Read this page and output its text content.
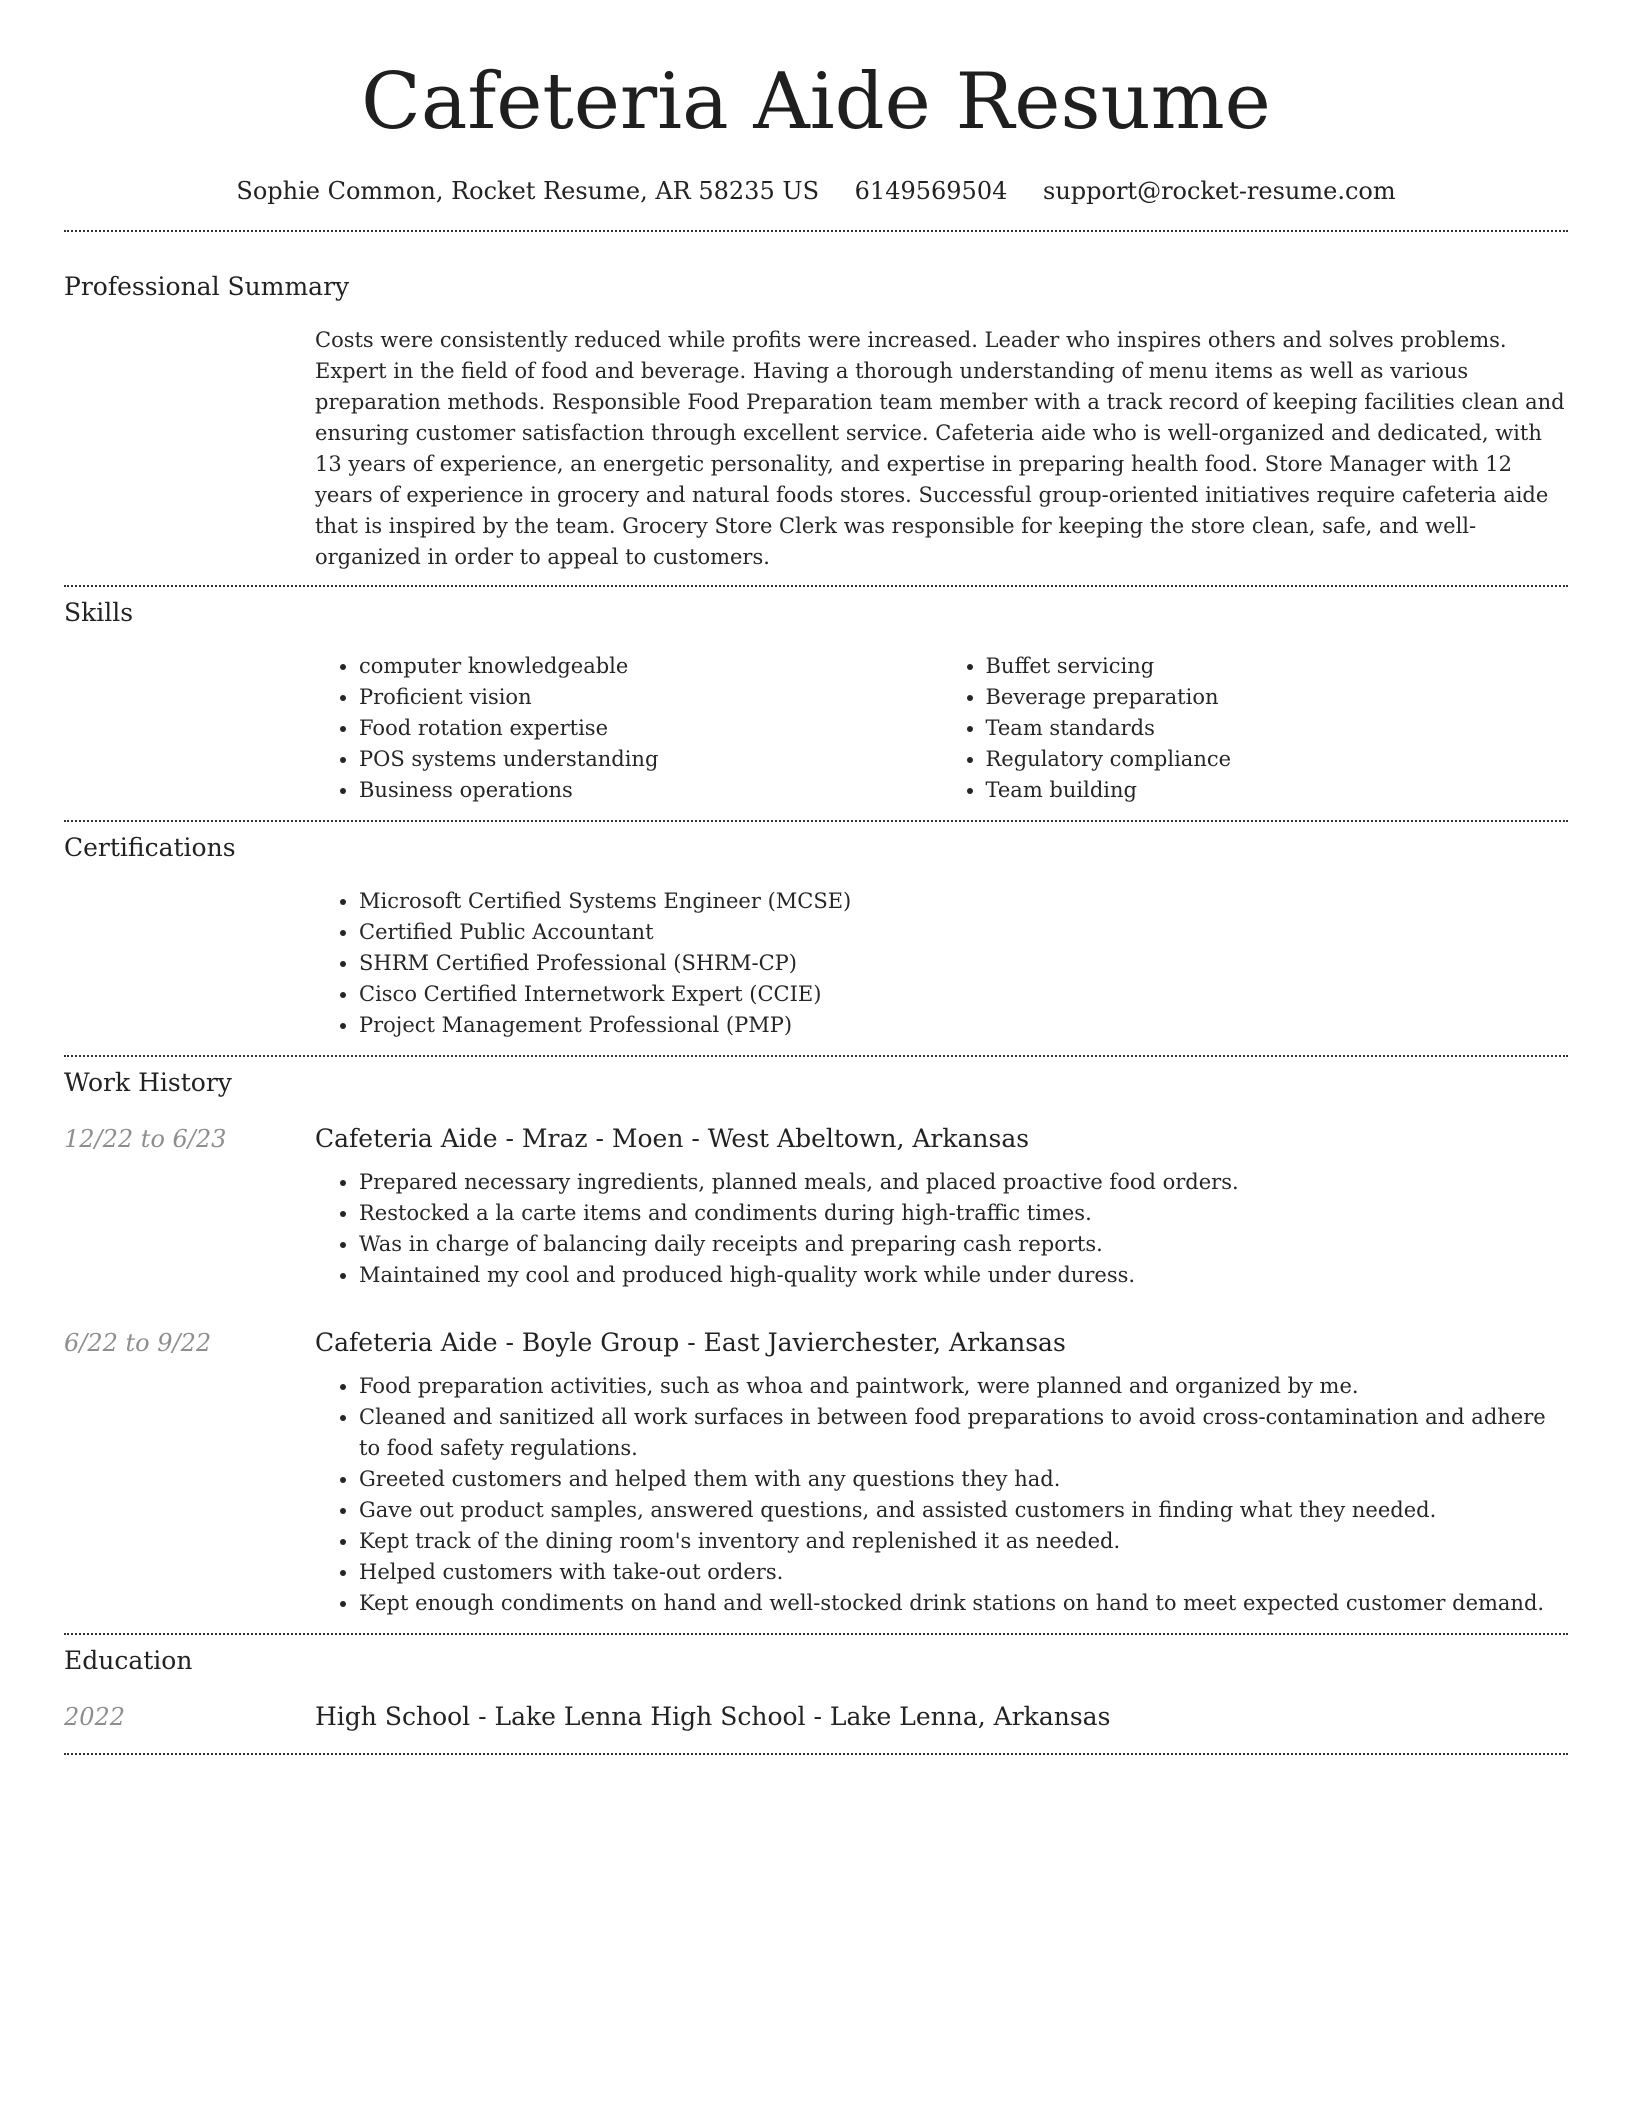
Cafeteria Aide Resume
Sophie Common, Rocket Resume, AR 58235 US 6149569504 support@rocket-resume.com
Professional Summary

Costs were consistently reduced while profits were increased. Leader who inspires others and solves problems. Expert in the field of food and beverage. Having a thorough understanding of menu items as well as various preparation methods. Responsible Food Preparation team member with a track record of keeping facilities clean and ensuring customer satisfaction through excellent service. Cafeteria aide who is well-organized and dedicated, with 13 years of experience, an energetic personality, and expertise in preparing health food. Store Manager with 12 years of experience in grocery and natural foods stores. Successful group-oriented initiatives require cafeteria aide that is inspired by the team. Grocery Store Clerk was responsible for keeping the store clean, safe, and well-organized in order to appeal to customers.

Skills
• computer knowledgeable
• Proficient vision
• Food rotation expertise
• POS systems understanding
• Business operations
• Buffet servicing
• Beverage preparation
• Team standards
• Regulatory compliance
• Team building
Certifications
• Microsoft Certified Systems Engineer (MCSE)
• Certified Public Accountant
• SHRM Certified Professional (SHRM-CP)
• Cisco Certified Internetwork Expert (CCIE)
• Project Management Professional (PMP)
Work History
12/22 to 6/23	Cafeteria Aide - Mraz - Moen - West Abeltown, Arkansas
• Prepared necessary ingredients, planned meals, and placed proactive food orders.
• Restocked a la carte items and condiments during high-traffic times.
• Was in charge of balancing daily receipts and preparing cash reports.
• Maintained my cool and produced high-quality work while under duress.
6/22 to 9/22	Cafeteria Aide - Boyle Group - East Javierchester, Arkansas
• Food preparation activities, such as whoa and paintwork, were planned and organized by me.
• Cleaned and sanitized all work surfaces in between food preparations to avoid cross-contamination and adhere to food safety regulations.
• Greeted customers and helped them with any questions they had.
• Gave out product samples, answered questions, and assisted customers in finding what they needed.
• Kept track of the dining room's inventory and replenished it as needed.
• Helped customers with take-out orders.
• Kept enough condiments on hand and well-stocked drink stations on hand to meet expected customer demand.
Education
2022	High School - Lake Lenna High School - Lake Lenna, Arkansas
